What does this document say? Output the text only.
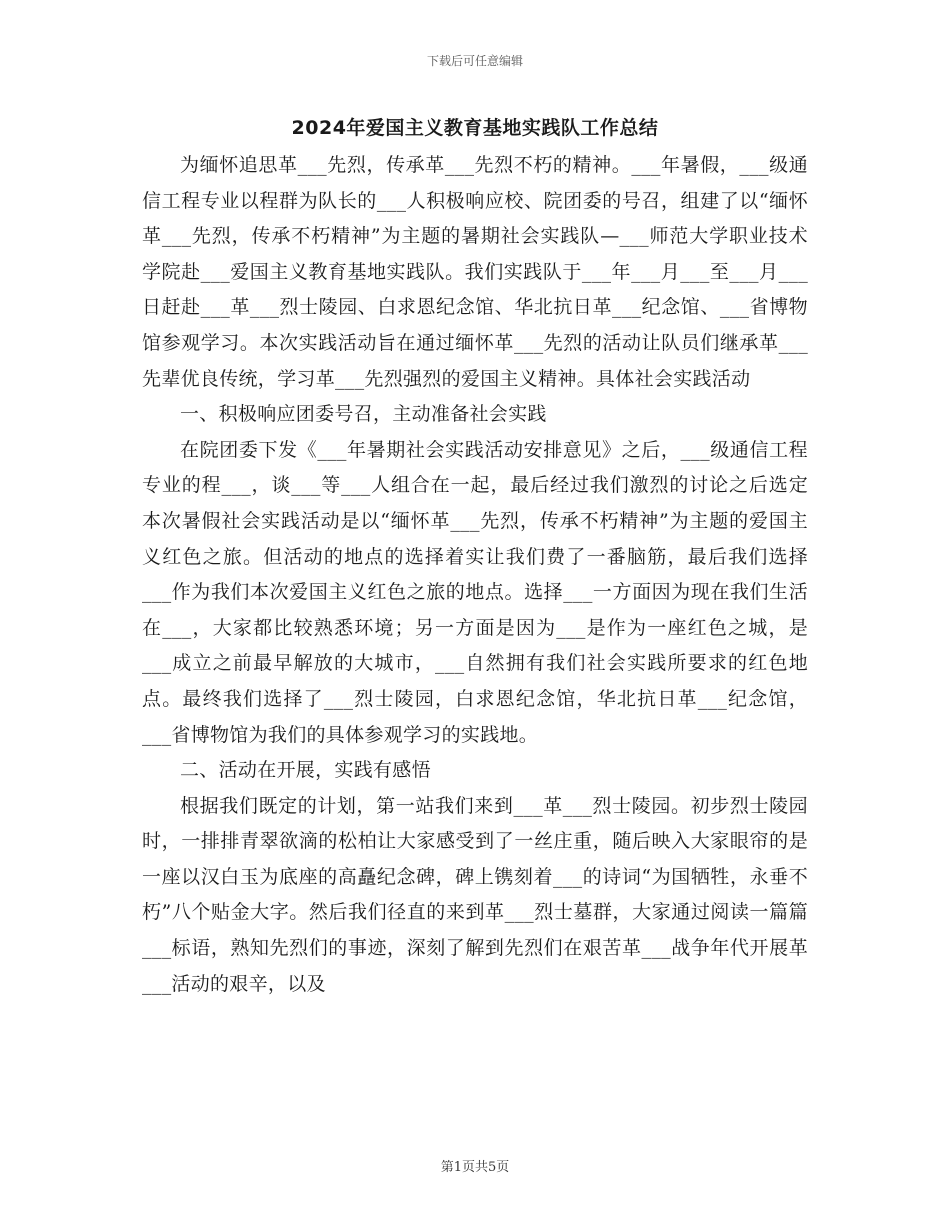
下载后可任意编辑
2024年爱国主义教育基地实践队工作总结

为缅怀追思革___先烈，传承革___先烈不朽的精神。___年暑假，___级通信工程专业以程群为队长的___人积极响应校、院团委的号召，组建了以“缅怀革___先烈，传承不朽精神”为主题的暑期社会实践队—___师范大学职业技术学院赴___爱国主义教育基地实践队。我们实践队于___年___月___至___月___日赶赴___革___烈士陵园、白求恩纪念馆、华北抗日革___纪念馆、___省博物馆参观学习。本次实践活动旨在通过缅怀革___先烈的活动让队员们继承革___先辈优良传统，学习革___先烈强烈的爱国主义精神。具体社会实践活动

一、积极响应团委号召，主动准备社会实践

在院团委下发《___年暑期社会实践活动安排意见》之后，___级通信工程专业的程___，谈___等___人组合在一起，最后经过我们激烈的讨论之后选定本次暑假社会实践活动是以“缅怀革___先烈，传承不朽精神”为主题的爱国主义红色之旅。但活动的地点的选择着实让我们费了一番脑筋，最后我们选择___作为我们本次爱国主义红色之旅的地点。选择___一方面因为现在我们生活在___，大家都比较熟悉环境；另一方面是因为___是作为一座红色之城，是___成立之前最早解放的大城市，___自然拥有我们社会实践所要求的红色地点。最终我们选择了___烈士陵园，白求恩纪念馆，华北抗日革___纪念馆，___省博物馆为我们的具体参观学习的实践地。

二、活动在开展，实践有感悟

根据我们既定的计划，第一站我们来到___革___烈士陵园。初步烈士陵园时，一排排青翠欲滴的松柏让大家感受到了一丝庄重，随后映入大家眼帘的是一座以汉白玉为底座的高矗纪念碑，碑上镌刻着___的诗词“为国牺牲，永垂不朽”八个贴金大字。然后我们径直的来到革___烈士墓群，大家通过阅读一篇篇___标语，熟知先烈们的事迹，深刻了解到先烈们在艰苦革___战争年代开展革___活动的艰辛，以及

第1页共5页
